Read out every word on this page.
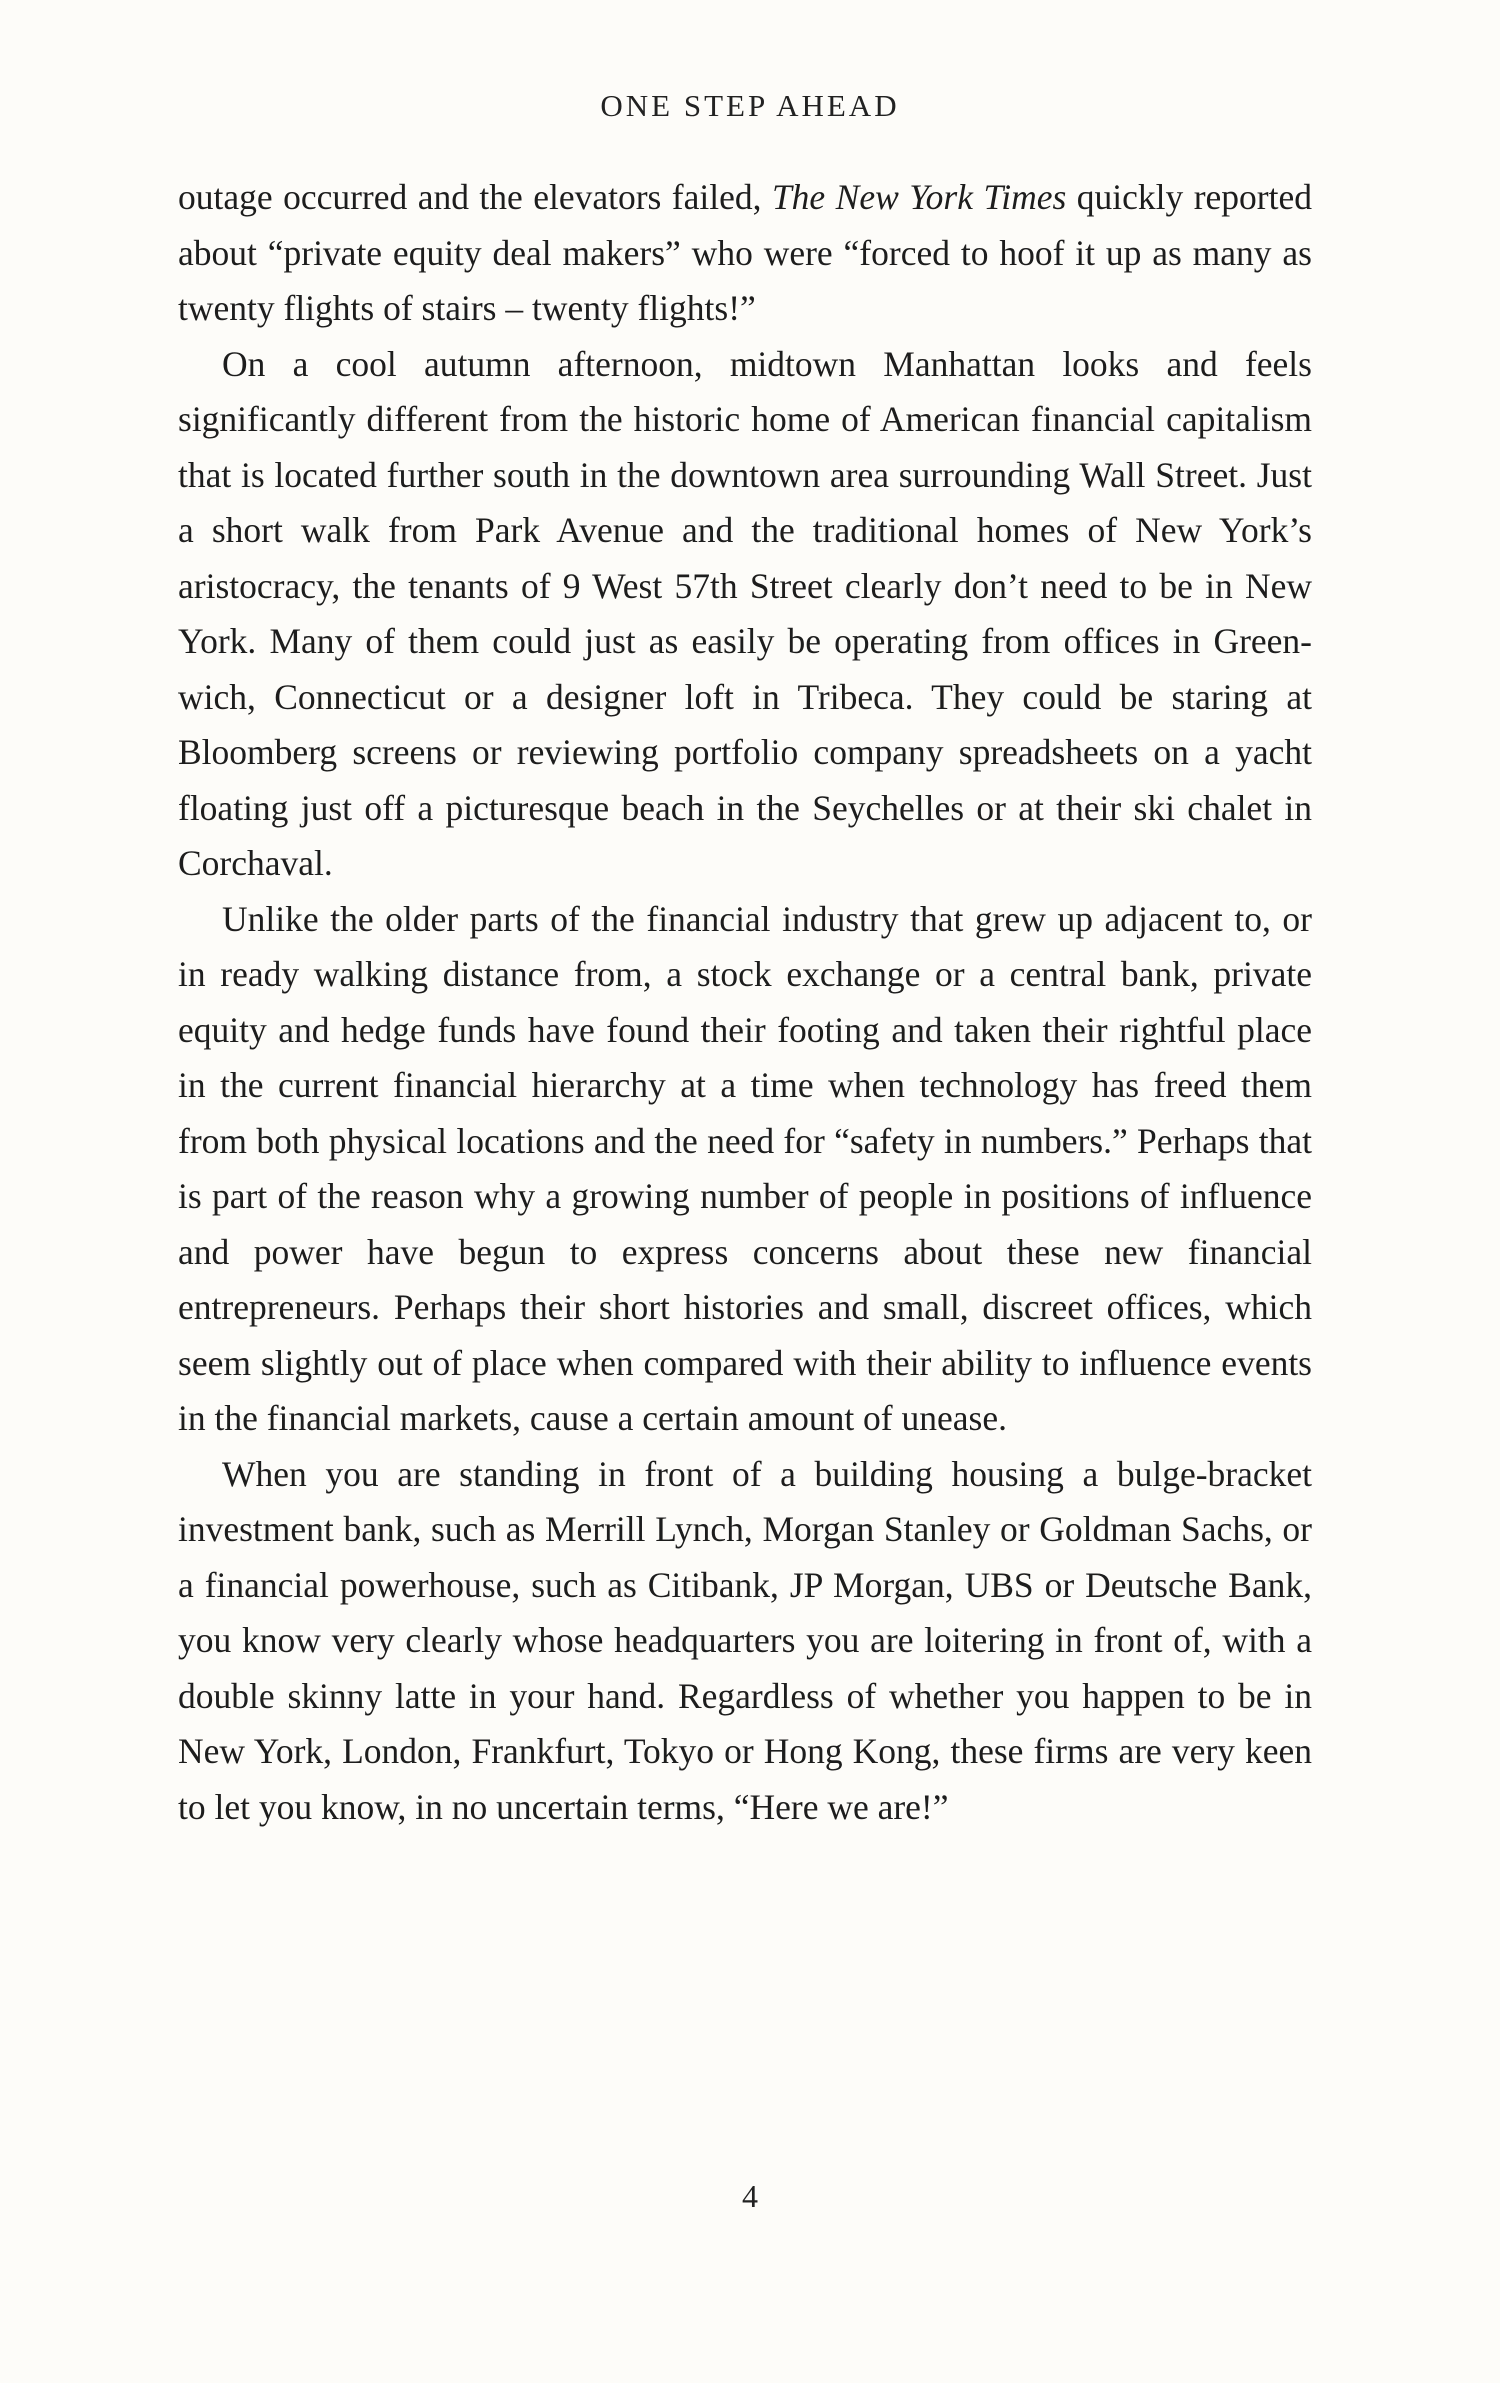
ONE STEP AHEAD

outage occurred and the elevators failed, The New York Times quickly reported about “private equity deal makers” who were “forced to hoof it up as many as twenty flights of stairs – twenty flights!”

On a cool autumn afternoon, midtown Manhattan looks and feels significantly different from the historic home of American financial capitalism that is located further south in the downtown area surrounding Wall Street. Just a short walk from Park Avenue and the traditional homes of New York’s aristocracy, the tenants of 9 West 57th Street clearly don’t need to be in New York. Many of them could just as easily be operating from offices in Green-wich, Connecticut or a designer loft in Tribeca. They could be staring at Bloomberg screens or reviewing portfolio company spreadsheets on a yacht floating just off a picturesque beach in the Seychelles or at their ski chalet in Corchaval.

Unlike the older parts of the financial industry that grew up adjacent to, or in ready walking distance from, a stock exchange or a central bank, private equity and hedge funds have found their footing and taken their rightful place in the current financial hierarchy at a time when technology has freed them from both physical locations and the need for “safety in numbers.” Perhaps that is part of the reason why a growing number of people in positions of influence and power have begun to express concerns about these new financial entrepreneurs. Perhaps their short histories and small, discreet offices, which seem slightly out of place when compared with their ability to influence events in the financial markets, cause a certain amount of unease.

When you are standing in front of a building housing a bulge-bracket investment bank, such as Merrill Lynch, Morgan Stanley or Goldman Sachs, or a financial powerhouse, such as Citibank, JP Morgan, UBS or Deutsche Bank, you know very clearly whose headquarters you are loitering in front of, with a double skinny latte in your hand. Regardless of whether you happen to be in New York, London, Frankfurt, Tokyo or Hong Kong, these firms are very keen to let you know, in no uncertain terms, “Here we are!”

4
